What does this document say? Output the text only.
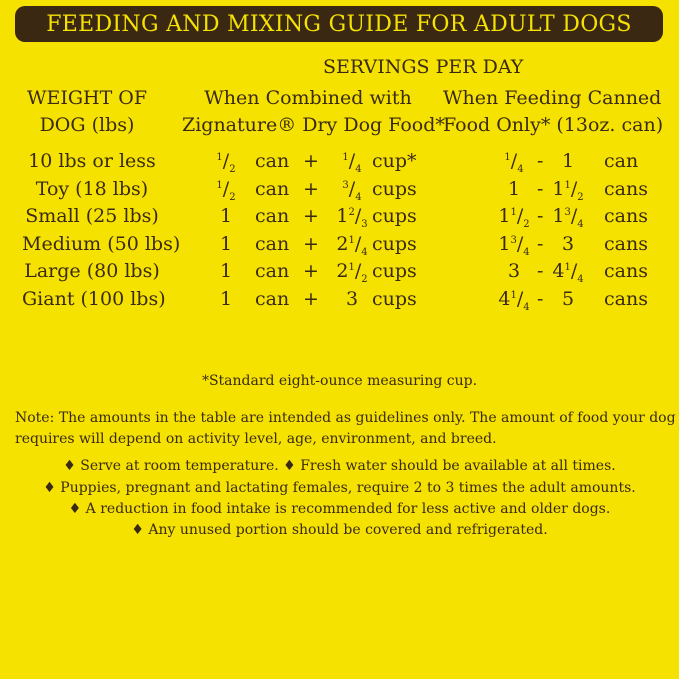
FEEDING AND MIXING GUIDE FOR ADULT DOGS
SERVINGS PER DAY
WEIGHT OF
DOG (lbs)
When Combined with
Zignature® Dry Dog Food*
When Feeding Canned
Food Only* (13oz. can)
10 lbs or less	$^1/_2$ can + $^1/_4$ cup*	$^1/_4 - 1$ can
Toy (18 lbs)	$^1/_2$ can + $^3/_4$ cups	$1 - 1^1/_2$ cans
Small (25 lbs)	1 can + $1^2/_3$ cups	$1^1/_2 - 1^3/_4$ cans
Medium (50 lbs) 1 can + $2^1/_4$ cups	$1^3/_4 - 3$ cans
Large (80 lbs)	1 can + $2^1/_2$ cups	$3 - 4^1/_4$ cans
Giant (100 lbs)	1 can + 3 cups	$4^1/_4 - 5$ cans
*Standard eight-ounce measuring cup.
Note: The amounts in the table are intended as guidelines only. The amount of food your dog
requires will depend on activity level, age, environment, and breed.
♦ Serve at room temperature. ♦ Fresh water should be available at all times.
♦ Puppies, pregnant and lactating females, require 2 to 3 times the adult amounts.
♦ A reduction in food intake is recommended for less active and older dogs.
♦ Any unused portion should be covered and refrigerated.
